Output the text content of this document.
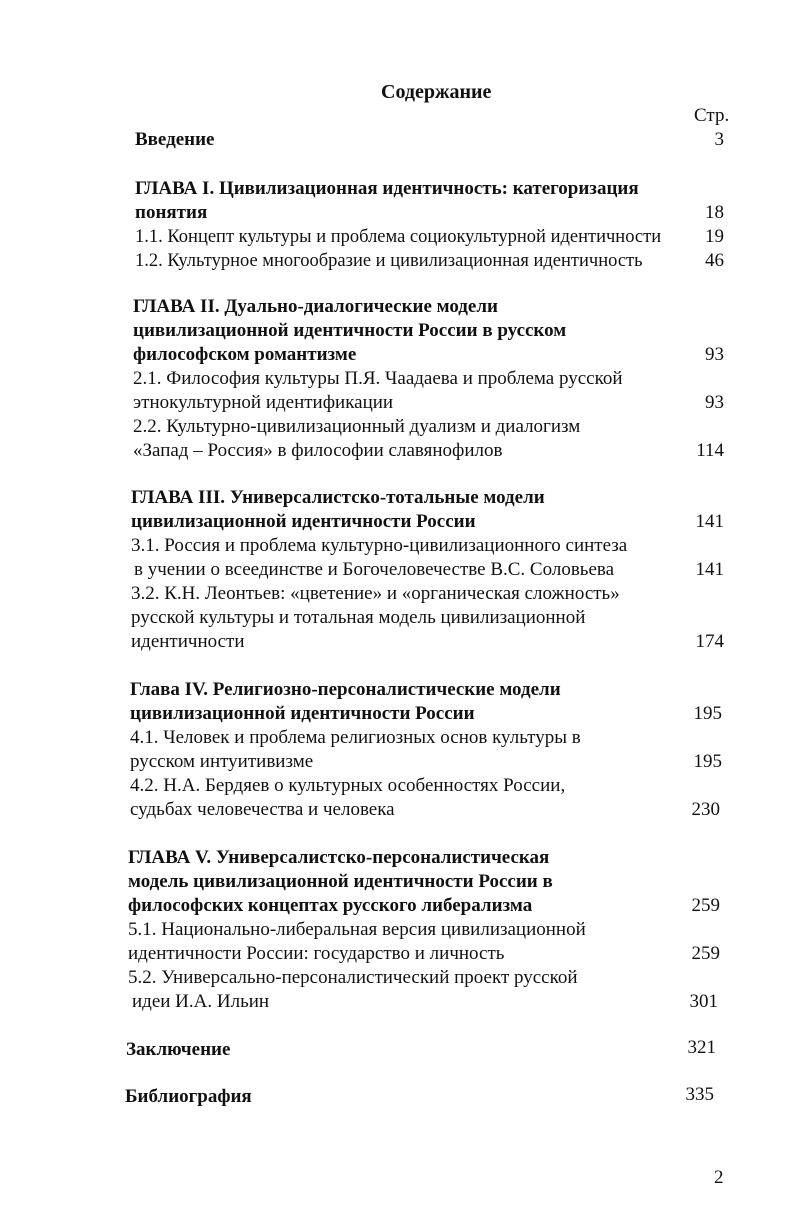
Содержание
Стр.
Введение	3
ГЛАВА I. Цивилизационная идентичность: категоризация
понятия	18
1.1. Концепт культуры и проблема социокультурной идентичности	19
1.2. Культурное многообразие и цивилизационная идентичность	46
ГЛАВА II. Дуально-диалогические модели
цивилизационной идентичности России в русском
философском романтизме	93
2.1. Философия культуры П.Я. Чаадаева и проблема русской
этнокультурной идентификации	93
2.2. Культурно-цивилизационный дуализм и диалогизм
«Запад – Россия» в философии славянофилов	114
ГЛАВА III. Универсалистско-тотальные модели
цивилизационной идентичности России	141
3.1. Россия и проблема культурно-цивилизационного синтеза
в учении о всеединстве и Богочеловечестве В.С. Соловьева	141
3.2. К.Н. Леонтьев: «цветение» и «органическая сложность»
русской культуры и тотальная модель цивилизационной
идентичности	174
Глава IV. Религиозно-персоналистические модели
цивилизационной идентичности России	195
4.1. Человек и проблема религиозных основ культуры в
русском интуитивизме	195
4.2. Н.А. Бердяев о культурных особенностях России,
судьбах человечества и человека	230
ГЛАВА V. Универсалистско-персоналистическая
модель цивилизационной идентичности России в
философских концептах русского либерализма	259
5.1. Национально-либеральная версия цивилизационной
идентичности России: государство и личность	259
5.2. Универсально-персоналистический проект русской
идеи И.А. Ильин	301
Заключение	321
Библиография	335
2
